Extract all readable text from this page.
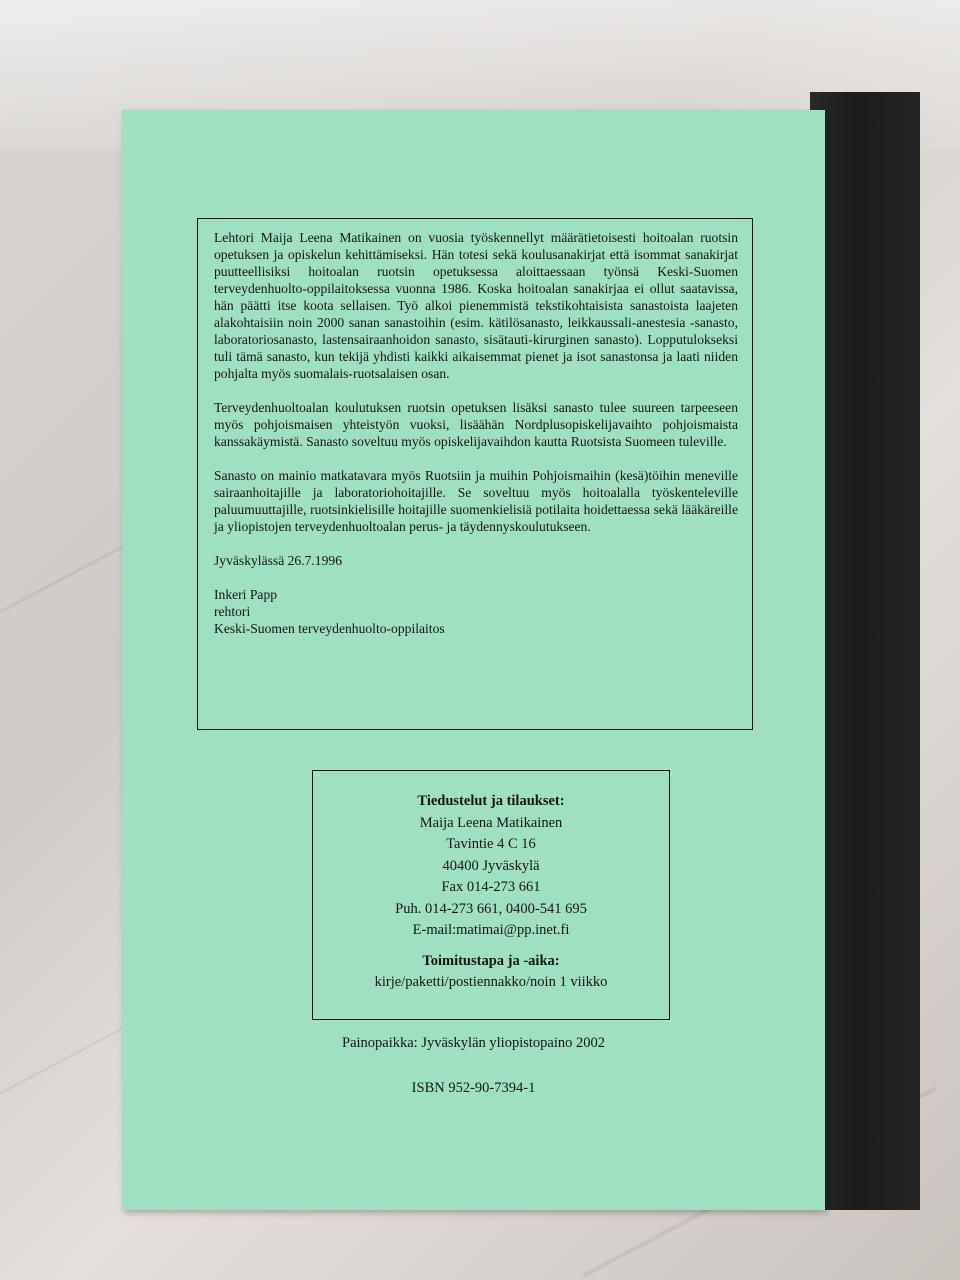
Lehtori Maija Leena Matikainen on vuosia työskennellyt määrätietoisesti hoitoalan ruotsin opetuksen ja opiskelun kehittämiseksi. Hän totesi sekä koulusanakirjat että isommat sanakirjat puutteellisiksi hoitoalan ruotsin opetuksessa aloittaessaan työnsä Keski-Suomen terveydenhuolto-oppilaitoksessa vuonna 1986. Koska hoitoalan sanakirjaa ei ollut saatavissa, hän päätti itse koota sellaisen. Työ alkoi pienemmistä tekstikohtaisista sanastoista laajeten alakohtaisiin noin 2000 sanan sanastoihin (esim. kätilösanasto, leikkaussali-anestesia -sanasto, laboratoriosanasto, lastensairaanhoidon sanasto, sisätauti-kirurginen sanasto). Lopputulokseksi tuli tämä sanasto, kun tekijä yhdisti kaikki aikaisemmat pienet ja isot sanastonsa ja laati niiden pohjalta myös suomalais-ruotsalaisen osan.

Terveydenhuoltoalan koulutuksen ruotsin opetuksen lisäksi sanasto tulee suureen tarpeeseen myös pohjoismaisen yhteistyön vuoksi, lisäähän Nordplusopiskelijavaihto pohjoismaista kanssakäymistä. Sanasto soveltuu myös opiskelijavaihdon kautta Ruotsista Suomeen tuleville.

Sanasto on mainio matkatavara myös Ruotsiin ja muihin Pohjoismaihin (kesä)töihin meneville sairaanhoitajille ja laboratoriohoitajille. Se soveltuu myös hoitoalalla työskenteleville paluumuuttajille, ruotsinkielisille hoitajille suomenkielisiä potilaita hoidettaessa sekä lääkäreille ja yliopistojen terveydenhuoltoalan perus- ja täydennyskoulutukseen.

Jyväskylässä 26.7.1996

Inkeri Papp

rehtori

Keski-Suomen terveydenhuolto-oppilaitos

Tiedustelut ja tilaukset:
Maija Leena Matikainen
Tavintie 4 C 16
40400 Jyväskylä
Fax 014-273 661
Puh. 014-273 661, 0400-541 695
E-mail:matimai@pp.inet.fi
Toimitustapa ja -aika:
kirje/paketti/postiennakko/noin 1 viikko
Painopaikka: Jyväskylän yliopistopaino 2002
ISBN 952-90-7394-1
